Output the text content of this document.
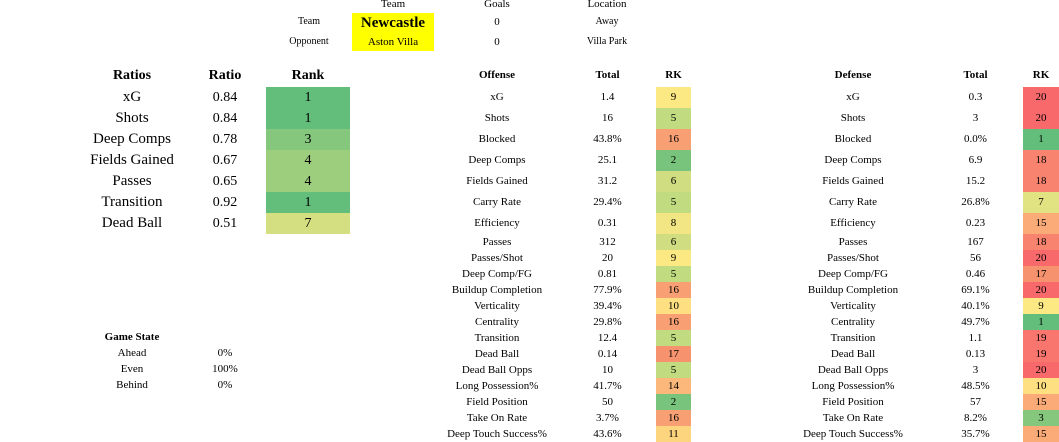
Team	Goals	Location
Team	Newcastle	0	Away
Opponent	Aston Villa	0	Villa Park
Ratios	Ratio	Rank
xG	0.84	1
Shots	0.84	1
Deep Comps	0.78	3
Fields Gained	0.67	4
Passes	0.65	4
Transition	0.92	1
Dead Ball	0.51	7
Game State
Ahead	0%
Even	100%
Behind	0%
Offense	Total	RK
xG	1.4	9
Shots	16	5
Blocked	43.8%	16
Deep Comps	25.1	2
Fields Gained	31.2	6
Carry Rate	29.4%	5
Efficiency	0.31	8
Passes	312	6
Passes/Shot	20	9
Deep Comp/FG	0.81	5
Buildup Completion	77.9%	16
Verticality	39.4%	10
Centrality	29.8%	16
Transition	12.4	5
Dead Ball	0.14	17
Dead Ball Opps	10	5
Long Possession%	41.7%	14
Field Position	50	2
Take On Rate	3.7%	16
Deep Touch Success%	43.6%	11
Defense	Total	RK
xG	0.3	20
Shots	3	20
Blocked	0.0%	1
Deep Comps	6.9	18
Fields Gained	15.2	18
Carry Rate	26.8%	7
Efficiency	0.23	15
Passes	167	18
Passes/Shot	56	20
Deep Comp/FG	0.46	17
Buildup Completion	69.1%	20
Verticality	40.1%	9
Centrality	49.7%	1
Transition	1.1	19
Dead Ball	0.13	19
Dead Ball Opps	3	20
Long Possession%	48.5%	10
Field Position	57	15
Take On Rate	8.2%	3
Deep Touch Success%	35.7%	15
